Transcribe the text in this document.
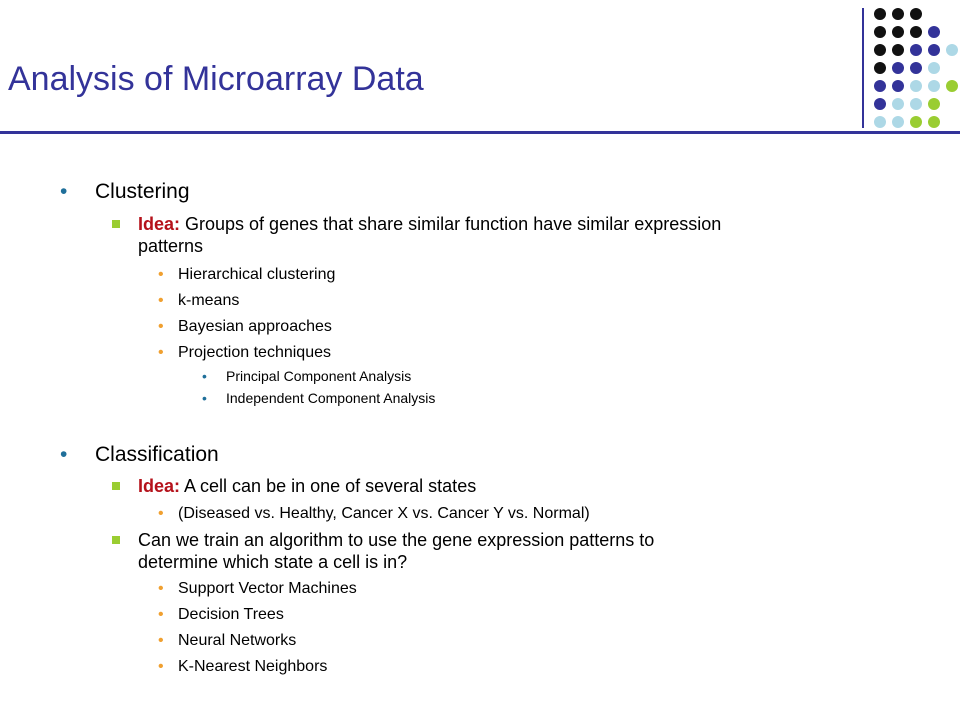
Analysis of Microarray Data
• Clustering
Idea: Groups of genes that share similar function have similar expression
patterns
• Hierarchical clustering
• k-means
• Bayesian approaches
• Projection techniques
• Principal Component Analysis
• Independent Component Analysis
• Classification
Idea: A cell can be in one of several states
• (Diseased vs. Healthy, Cancer X vs. Cancer Y vs. Normal)
Can we train an algorithm to use the gene expression patterns to
determine which state a cell is in?
• Support Vector Machines
• Decision Trees
• Neural Networks
• K-Nearest Neighbors
